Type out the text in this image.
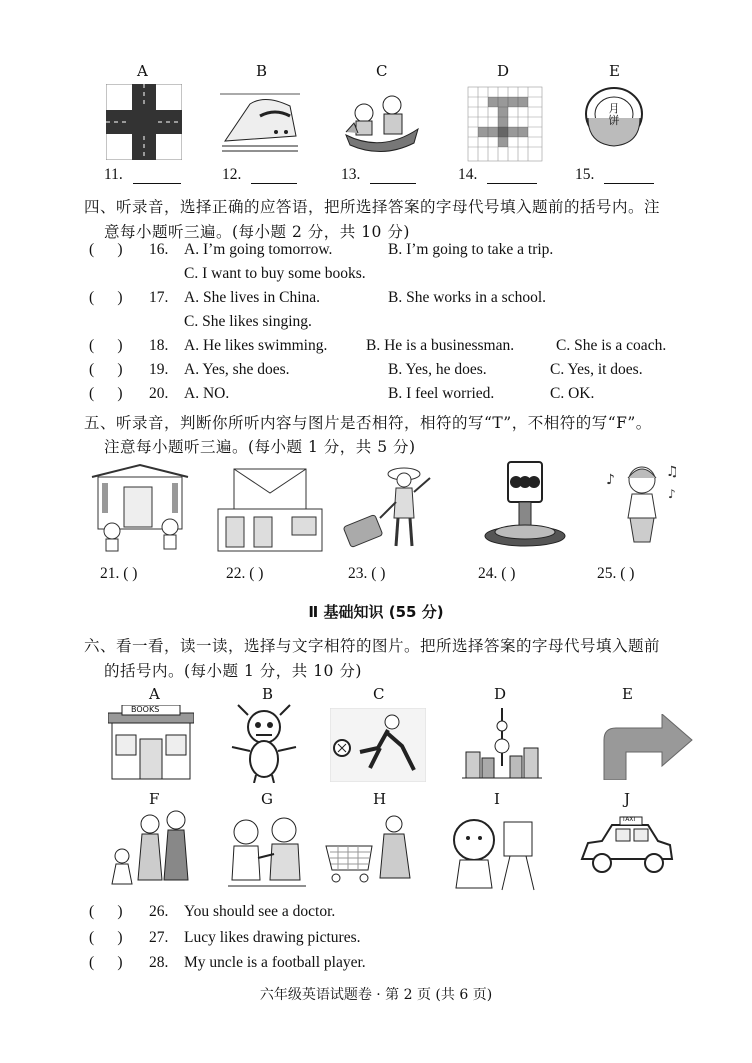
A	B	C	D	E
月饼
11.	12.	13.	14.	15.
四、听录音，选择正确的应答语，把所选择答案的字母代号填入题前的括号内。注
意每小题听三遍。(每小题 2 分，共 10 分)
(      ) 16. A. I’m going tomorrow.	B. I’m going to take a trip.
C. I want to buy some books.
(      ) 17. A. She lives in China.	B. She works in a school.
C. She likes singing.
(      ) 18. A. He likes swimming. B. He is a businessman.	C. She is a coach.
(      ) 19. A. Yes, she does.	B. Yes, he does.	C. Yes, it does.
(      ) 20. A. NO.	B. I feel worried.	C. OK.
五、听录音，判断你所听内容与图片是否相符，相符的写“T”，不相符的写“F”。
注意每小题听三遍。(每小题 1 分，共 5 分)
♪	♫
♪
21. ( )	22. ( )	23. ( )	24. ( )	25. ( )
Ⅱ 基础知识 (55 分)
六、看一看，读一读，选择与文字相符的图片。把所选择答案的字母代号填入题前
的括号内。(每小题 1 分，共 10 分)
A	B	C	D	E
BOOKS
F	G	H	I	J
TAXI
(      ) 26. You should see a doctor.
(      ) 27. Lucy likes drawing pictures.
(      ) 28. My uncle is a football player.
六年级英语试题卷 · 第 2 页 (共 6 页)
